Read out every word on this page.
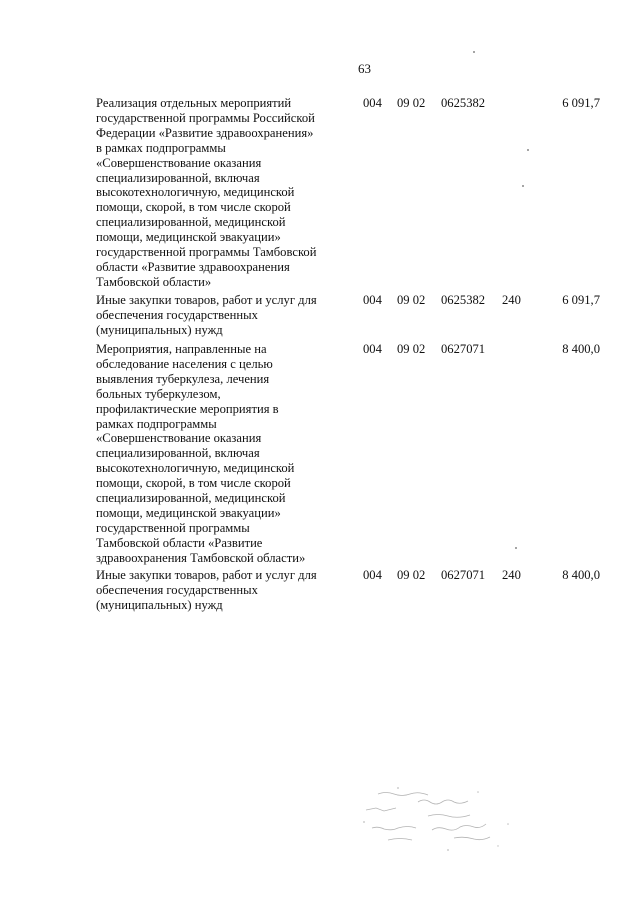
63
Реализация отдельных мероприятий
государственной программы Российской
Федерации «Развитие здравоохранения»
в рамках подпрограммы
«Совершенствование оказания
специализированной, включая
высокотехнологичную, медицинской
помощи, скорой, в том числе скорой
специализированной, медицинской
помощи, медицинской эвакуации»
государственной программы Тамбовской
области «Развитие здравоохранения
Тамбовской области»
004 09 02 0625382	6 091,7
Иные закупки товаров, работ и услуг для
обеспечения государственных
(муниципальных) нужд
004 09 02 0625382 240	6 091,7
Мероприятия, направленные на
обследование населения с целью
выявления туберкулеза, лечения
больных туберкулезом,
профилактические мероприятия в
рамках подпрограммы
«Совершенствование оказания
специализированной, включая
высокотехнологичную, медицинской
помощи, скорой, в том числе скорой
специализированной, медицинской
помощи, медицинской эвакуации»
государственной программы
Тамбовской области «Развитие
здравоохранения Тамбовской области»
004 09 02 0627071	8 400,0
Иные закупки товаров, работ и услуг для
обеспечения государственных
(муниципальных) нужд
004 09 02 0627071 240	8 400,0
